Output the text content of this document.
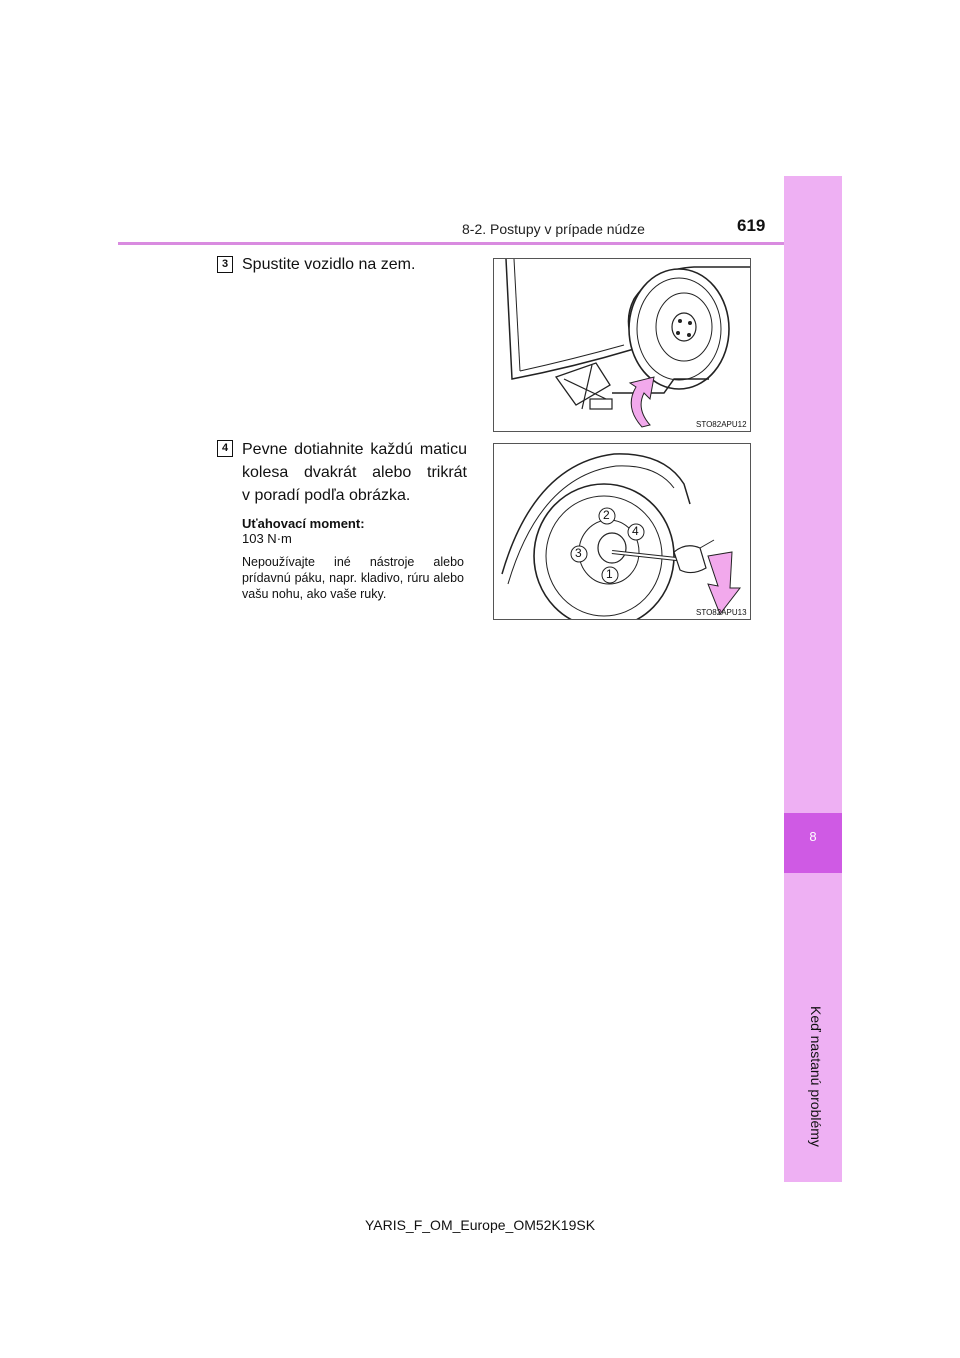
8-2. Postupy v prípade núdze	619
8
3 Spustite vozidlo na zem.
STO82APU12
4 Pevne dotiahnite každú maticu
kolesa dvakrát alebo trikrát
v poradí podľa obrázka.
Uťahovací moment:
103 N·m
Nepoužívajte iné nástroje alebo prídavnú páku, napr. kladivo, rúru alebo vašu nohu, ako vaše ruky.
2
4
3
1
STO82APU13
YARIS_F_OM_Europe_OM52K19SK
